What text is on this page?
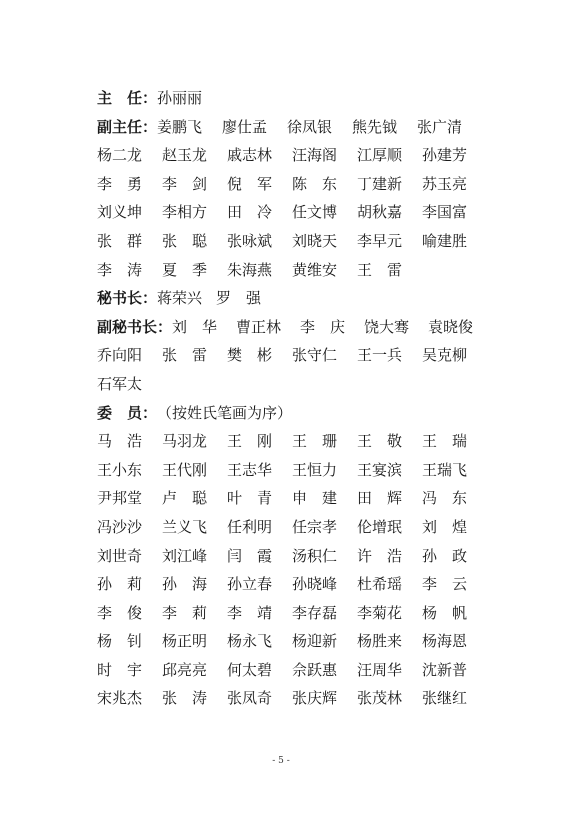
主　任： 孙丽丽
副主任： 姜鹏飞	廖仕孟	徐凤银	熊先钺	张广清
杨二龙	赵玉龙	戚志林	汪海阁	江厚顺	孙建芳
李　勇	李　剑	倪　军	陈　东	丁建新	苏玉亮
刘义坤	李相方	田　冷	任文博	胡秋嘉	李国富
张　群	张　聪	张咏斌	刘晓天	李早元	喻建胜
李　涛	夏　季	朱海燕	黄维安	王　雷
秘书长： 蒋荣兴 罗　强
副秘书长： 刘　华	曹正林	李　庆	饶大骞	袁晓俊
乔向阳	张　雷	樊　彬	张守仁	王一兵	吴克柳
石军太
委　员： （按姓氏笔画为序）
马　浩	马羽龙	王　刚	王　珊	王　敬	王　瑞
王小东	王代刚	王志华	王恒力	王宴滨	王瑞飞
尹邦堂	卢　聪	叶　青	申　建	田　辉	冯　东
冯沙沙	兰义飞	任利明	任宗孝	伦增珉	刘　煌
刘世奇	刘江峰	闫　霞	汤积仁	许　浩	孙　政
孙　莉	孙　海	孙立春	孙晓峰	杜希瑶	李　云
李　俊	李　莉	李　靖	李存磊	李菊花	杨　帆
杨　钊	杨正明	杨永飞	杨迎新	杨胜来	杨海恩
时　宇	邱亮亮	何太碧	佘跃惠	汪周华	沈新普
宋兆杰	张　涛	张凤奇	张庆辉	张茂林	张继红
- 5 -
